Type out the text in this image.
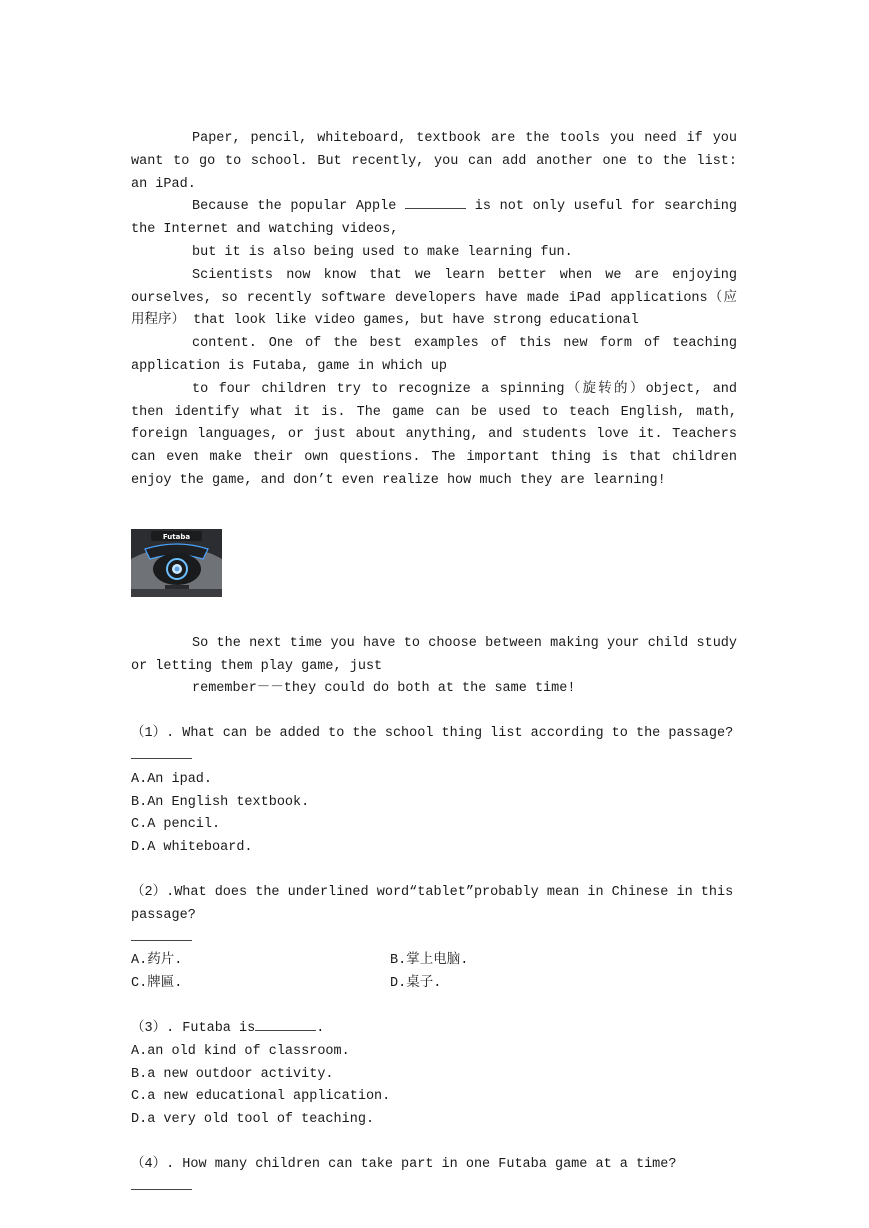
Paper, pencil, whiteboard, textbook are the tools you need if you want to go to school. But recently, you can add another one to the list: an iPad.
Because the popular Apple	is not only useful for searching the Internet and watching videos,
but it is also being used to make learning fun.
Scientists now know that we learn better when we are enjoying ourselves, so recently software developers have made iPad applications（应用程序） that look like video games, but have strong educational
content. One of the best examples of this new form of teaching application is Futaba, game in which up
to four children try to recognize a spinning（旋转的）object, and then identify what it is. The game can be used to teach English, math, foreign languages, or just about anything, and students love it. Teachers can even make their own questions. The important thing is that children enjoy the game, and don’t even realize how much they are learning!
Futaba
So the next time you have to choose between making your child study or letting them play game, just
remember－－they could do both at the same time!
（1）. What can be added to the school thing list according to the passage?
A.An ipad.
B.An English textbook.
C.A pencil.
D.A whiteboard.
（2）.What does the underlined word“tablet”probably mean in Chinese in this passage?
A.药片.	B.掌上电脑.
C.牌匾.	D.桌子.
（3）. Futaba is	.
A.an old kind of classroom.
B.a new outdoor activity.
C.a new educational application.
D.a very old tool of teaching.
（4）. How many children can take part in one Futaba game at a time?
